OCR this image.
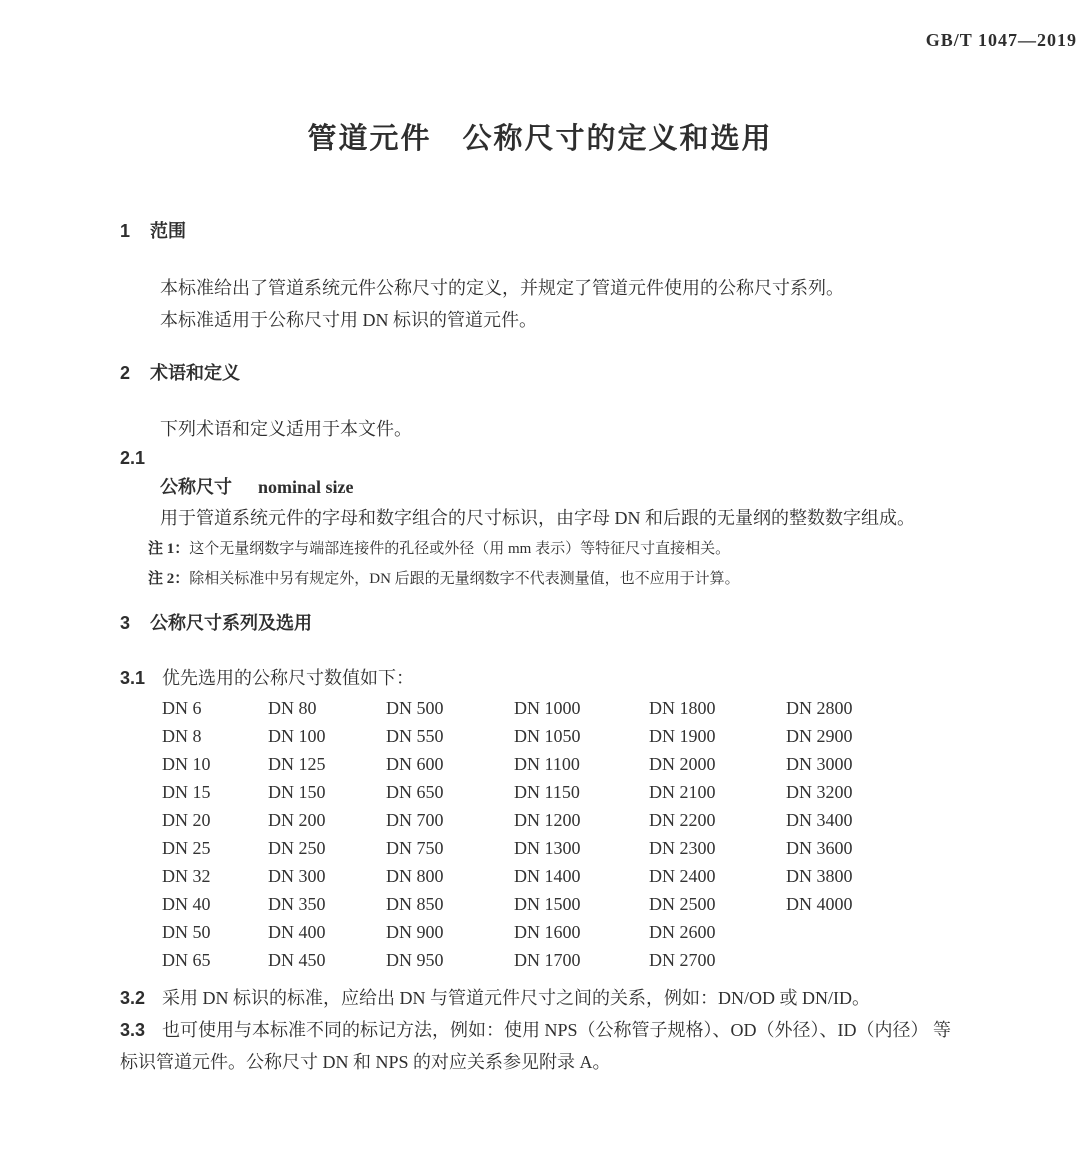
GB/T 1047—2019
管道元件　公称尺寸的定义和选用
1 范围

本标准给出了管道系统元件公称尺寸的定义，并规定了管道元件使用的公称尺寸系列。

本标准适用于公称尺寸用 DN 标识的管道元件。

2 术语和定义

下列术语和定义适用于本文件。

2.1
公称尺寸 nominal size

用于管道系统元件的字母和数字组合的尺寸标识，由字母 DN 和后跟的无量纲的整数数字组成。

注 1：这个无量纲数字与端部连接件的孔径或外径（用 mm 表示）等特征尺寸直接相关。
注 2：除相关标准中另有规定外，DN 后跟的无量纲数字不代表测量值，也不应用于计算。
3 公称尺寸系列及选用

3.1 优先选用的公称尺寸数值如下：

DN 6	DN 80	DN 500	DN 1000	DN 1800	DN 2800
DN 8	DN 100	DN 550	DN 1050	DN 1900	DN 2900
DN 10	DN 125	DN 600	DN 1100	DN 2000	DN 3000
DN 15	DN 150	DN 650	DN 1150	DN 2100	DN 3200
DN 20	DN 200	DN 700	DN 1200	DN 2200	DN 3400
DN 25	DN 250	DN 750	DN 1300	DN 2300	DN 3600
DN 32	DN 300	DN 800	DN 1400	DN 2400	DN 3800
DN 40	DN 350	DN 850	DN 1500	DN 2500	DN 4000
DN 50	DN 400	DN 900	DN 1600	DN 2600
DN 65	DN 450	DN 950	DN 1700	DN 2700

3.2 采用 DN 标识的标准，应给出 DN 与管道元件尺寸之间的关系，例如：DN/OD 或 DN/ID。

3.3 也可使用与本标准不同的标记方法，例如：使用 NPS（公称管子规格）、OD（外径）、ID（内径） 等标识管道元件。公称尺寸 DN 和 NPS 的对应关系参见附录 A。
